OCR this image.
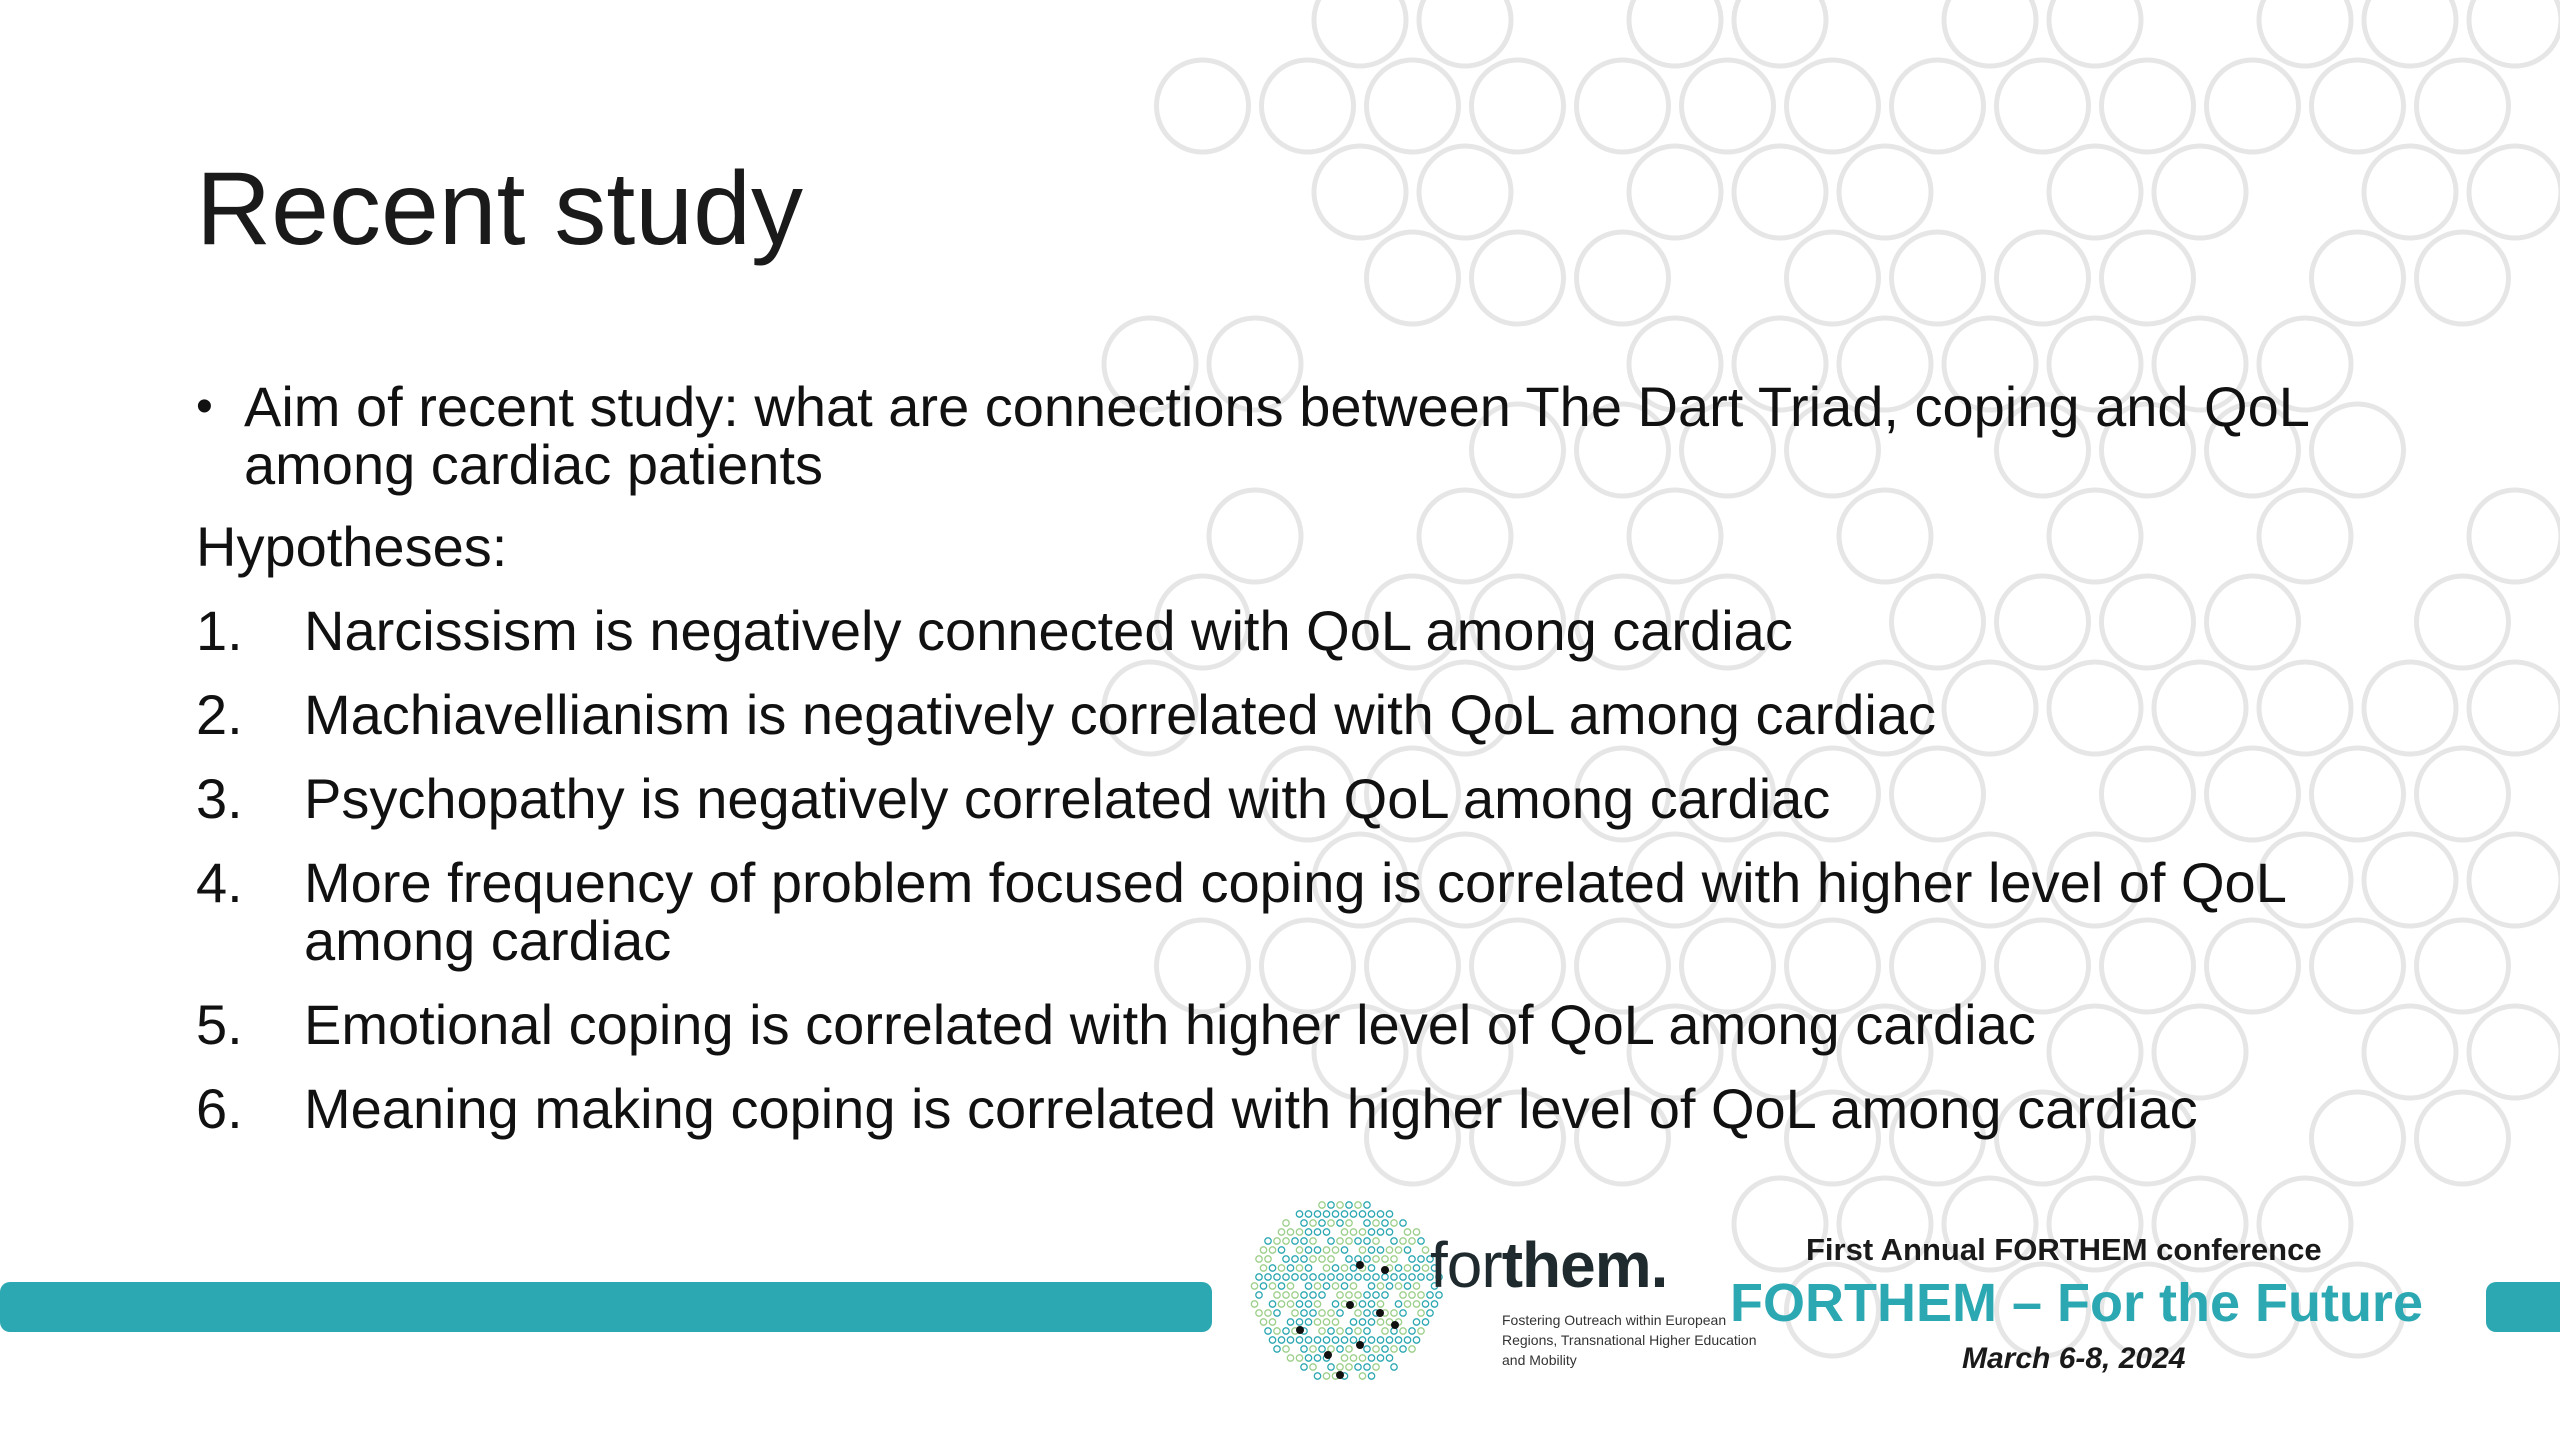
Recent study
• Aim of recent study: what are connections between The Dart Triad, coping and QoL among cardiac patients
Hypotheses:
1.	Narcissism is negatively connected with QoL among cardiac
2.	Machiavellianism is negatively correlated with QoL among cardiac
3.	Psychopathy is negatively correlated with QoL among cardiac
4.	More frequency of problem focused coping is correlated with higher level of QoL among cardiac
5.	Emotional coping is correlated with higher level of QoL among cardiac
6.	Meaning making coping is correlated with higher level of QoL among cardiac
forthem.
Fostering Outreach within European Regions, Transnational Higher Education and Mobility
First Annual FORTHEM conference
FORTHEM – For the Future
March 6-8, 2024
